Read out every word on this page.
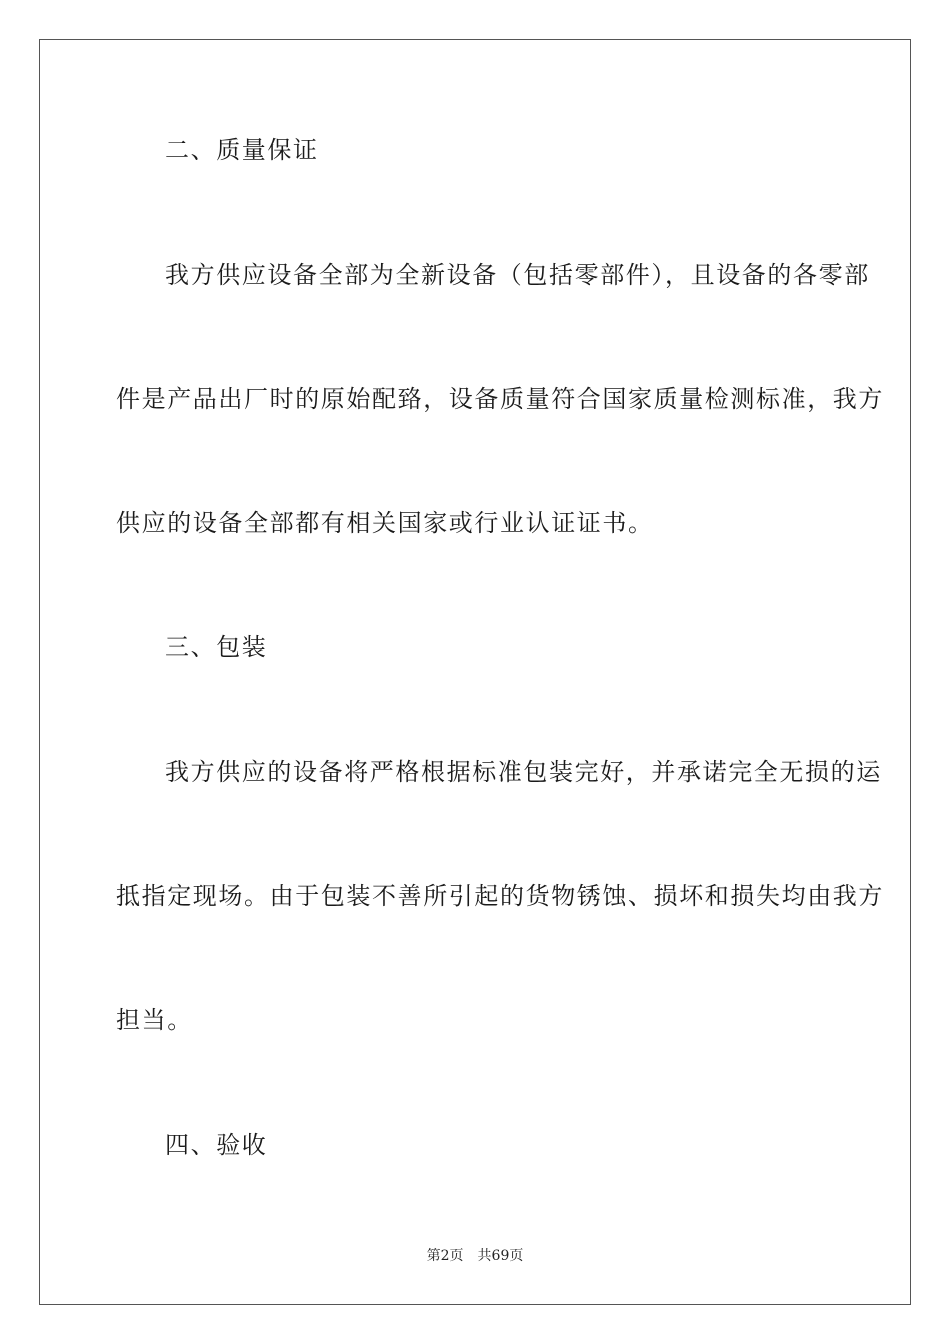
二、质量保证
我方供应设备全部为全新设备（包括零部件），且设备的各零部
件是产品出厂时的原始配臵，设备质量符合国家质量检测标准，我方
供应的设备全部都有相关国家或行业认证证书。
三、包装
我方供应的设备将严格根据标准包装完好，并承诺完全无损的运
抵指定现场。由于包装不善所引起的货物锈蚀、损坏和损失均由我方
担当。
四、验收
第2页 共69页
